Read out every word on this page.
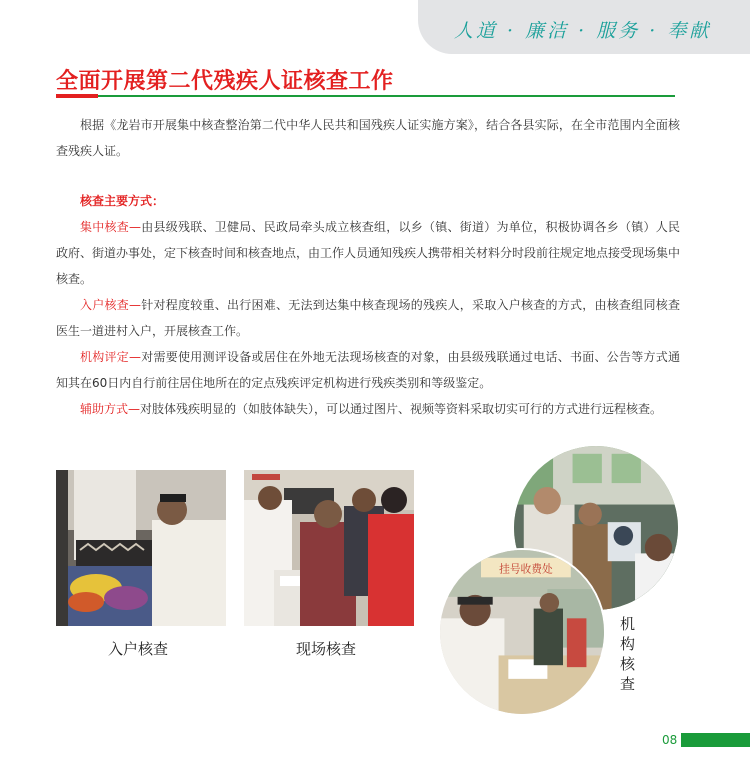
人道 · 廉洁 · 服务 · 奉献
全面开展第二代残疾人证核查工作

根据《龙岩市开展集中核查整治第二代中华人民共和国残疾人证实施方案》，结合各县实际，在全市范围内全面核查残疾人证。

核查主要方式：

集中核查—由县级残联、卫健局、民政局牵头成立核查组，以乡（镇、街道）为单位，积极协调各乡（镇）人民政府、街道办事处，定下核查时间和核查地点，由工作人员通知残疾人携带相关材料分时段前往规定地点接受现场集中核查。

入户核查—针对程度较重、出行困难、无法到达集中核查现场的残疾人，采取入户核查的方式，由核查组同核查医生一道进村入户，开展核查工作。

机构评定—对需要使用测评设备或居住在外地无法现场核查的对象，由县级残联通过电话、书面、公告等方式通知其在60日内自行前往居住地所在的定点残疾评定机构进行残疾类别和等级鉴定。

辅助方式—对肢体残疾明显的（如肢体缺失），可以通过图片、视频等资料采取切实可行的方式进行远程核查。

入户核查	现场核查
挂号收费处
机构核查
08
